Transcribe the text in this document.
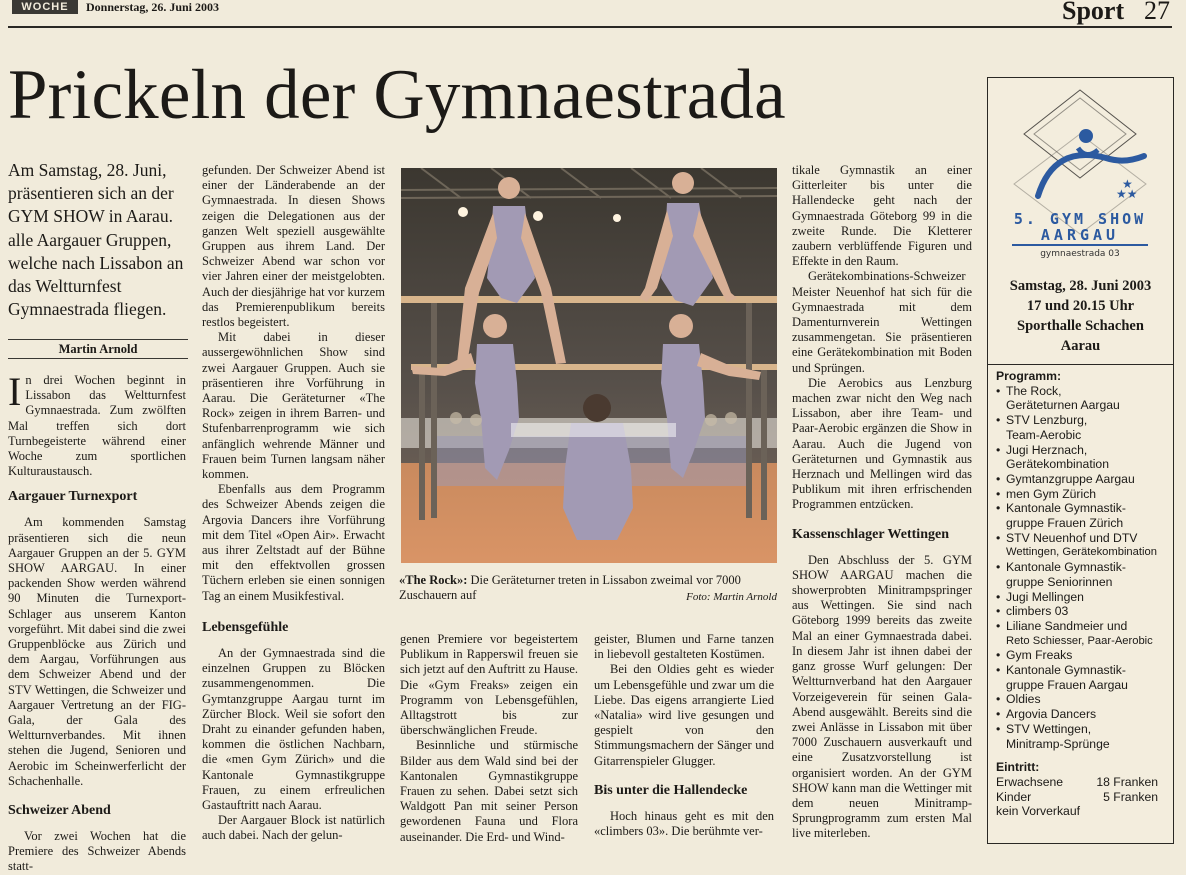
WOCHE	Donnerstag, 26. Juni 2003	Sport 27
Prickeln der Gymnaestrada
Am Samstag, 28. Juni, präsentieren sich an der GYM SHOW in Aarau. alle Aargauer Gruppen, welche nach Lissabon an das Weltturnfest Gymnaestrada fliegen.
Martin Arnold

In drei Wochen beginnt in Lissabon das Weltturnfest Gymnaestrada. Zum zwölften Mal treffen sich dort Turnbegeisterte während einer Woche zum sportlichen Kulturaustausch.

Aargauer Turnexport

Am kommenden Samstag präsentieren sich die neun Aargauer Gruppen an der 5. GYM SHOW AARGAU. In einer packenden Show werden während 90 Minuten die Turnexport-Schlager aus unserem Kanton vorgeführt. Mit dabei sind die zwei Gruppenblöcke aus Zürich und dem Aargau, Vorführungen aus dem Schweizer Abend und der STV Wettingen, die Schweizer und Aargauer Vertretung an der FIG-Gala, der Gala des Weltturnverbandes. Mit ihnen stehen die Jugend, Senioren und Aerobic im Scheinwerferlicht der Schachenhalle.

Schweizer Abend

Vor zwei Wochen hat die Premiere des Schweizer Abends statt-

gefunden. Der Schweizer Abend ist einer der Länderabende an der Gymnaestrada. In diesen Shows zeigen die Delegationen aus der ganzen Welt speziell ausgewählte Gruppen aus ihrem Land. Der Schweizer Abend war schon vor vier Jahren einer der meistgelobten. Auch der diesjährige hat vor kurzem das Premierenpublikum bereits restlos begeistert.

Mit dabei in dieser aussergewöhnlichen Show sind zwei Aargauer Gruppen. Auch sie präsentieren ihre Vorführung in Aarau. Die Geräteturner «The Rock» zeigen in ihrem Barren- und Stufenbarrenprogramm wie sich anfänglich wehrende Männer und Frauen beim Turnen langsam näher kommen.

Ebenfalls aus dem Programm des Schweizer Abends zeigen die Argovia Dancers ihre Vorführung mit dem Titel «Open Air». Erwacht aus ihrer Zeltstadt auf der Bühne mit den effektvollen grossen Tüchern erleben sie einen sonnigen Tag an einem Musikfestival.

Lebensgefühle

An der Gymnaestrada sind die einzelnen Gruppen zu Blöcken zusammengenommen. Die Gymtanzgruppe Aargau turnt im Zürcher Block. Weil sie sofort den Draht zu einander gefunden haben, kommen die östlichen Nachbarn, die «men Gym Zürich» und die Kantonale Gymnastikgruppe Frauen, zu einem erfreulichen Gastauftritt nach Aarau.

Der Aargauer Block ist natürlich auch dabei. Nach der gelun-

«The Rock»: Die Geräteturner treten in Lissabon zweimal vor 7000 Zuschauern auf	Foto: Martin Arnold

genen Premiere vor begeistertem Publikum in Rapperswil freuen sie sich jetzt auf den Auftritt zu Hause. Die «Gym Freaks» zeigen ein Programm von Lebensgefühlen, Alltagstrott bis zur überschwänglichen Freude.

Besinnliche und stürmische Bilder aus dem Wald sind bei der Kantonalen Gymnastikgruppe Frauen zu sehen. Dabei setzt sich Waldgott Pan mit seiner Person gewordenen Fauna und Flora auseinander. Die Erd- und Wind-

geister, Blumen und Farne tanzen in liebevoll gestalteten Kostümen.

Bei den Oldies geht es wieder um Lebensgefühle und zwar um die Liebe. Das eigens arrangierte Lied «Natalia» wird live gesungen und gespielt von den Stimmungsmachern der Sänger und Gitarrenspieler Glugger.

Bis unter die Hallendecke

Hoch hinaus geht es mit den «climbers 03». Die berühmte ver-

tikale Gymnastik an einer Gitterleiter bis unter die Hallendecke geht nach der Gymnaestrada Göteborg 99 in die zweite Runde. Die Kletterer zaubern verblüffende Figuren und Effekte in den Raum.

Gerätekombinations-Schweizer Meister Neuenhof hat sich für die Gymnaestrada mit dem Damenturnverein Wettingen zusammengetan. Sie präsentieren eine Gerätekombination mit Boden und Sprüngen.

Die Aerobics aus Lenzburg machen zwar nicht den Weg nach Lissabon, aber ihre Team- und Paar-Aerobic ergänzen die Show in Aarau. Auch die Jugend von Geräteturnen und Gymnastik aus Herznach und Mellingen wird das Publikum mit ihren erfrischenden Programmen entzücken.

Kassenschlager Wettingen

Den Abschluss der 5. GYM SHOW AARGAU machen die showerprobten Minitrampspringer aus Wettingen. Sie sind nach Göteborg 1999 bereits das zweite Mal an einer Gymnaestrada dabei. In diesem Jahr ist ihnen dabei der ganz grosse Wurf gelungen: Der Weltturnverband hat den Aargauer Vorzeigeverein für seinen Gala-Abend ausgewählt. Bereits sind die zwei Anlässe in Lissabon mit über 7000 Zuschauern ausverkauft und eine Zusatzvorstellung ist organisiert worden. An der GYM SHOW kann man die Wettinger mit dem neuen Minitramp-Sprungprogramm zum ersten Mal live miterleben.

★★
★
5. GYM SHOW
AARGAU
gymnaestrada 03
Samstag, 28. Juni 2003
17 und 20.15 Uhr
Sporthalle Schachen
Aarau
Programm:
• The Rock,
Geräteturnen Aargau
• STV Lenzburg,
Team-Aerobic
• Jugi Herznach,
Gerätekombination
• Gymtanzgruppe Aargau
• men Gym Zürich
• Kantonale Gymnastik-
gruppe Frauen Zürich
• STV Neuenhof und DTV
Wettingen, Gerätekombination
• Kantonale Gymnastik-
gruppe Seniorinnen
• Jugi Mellingen
• climbers 03
• Liliane Sandmeier und
Reto Schiesser, Paar-Aerobic
• Gym Freaks
• Kantonale Gymnastik-
gruppe Frauen Aargau
• Oldies
• Argovia Dancers
• STV Wettingen,
Minitramp-Sprünge
Eintritt:
Erwachsene	18 Franken
Kinder	5 Franken
kein Vorverkauf
